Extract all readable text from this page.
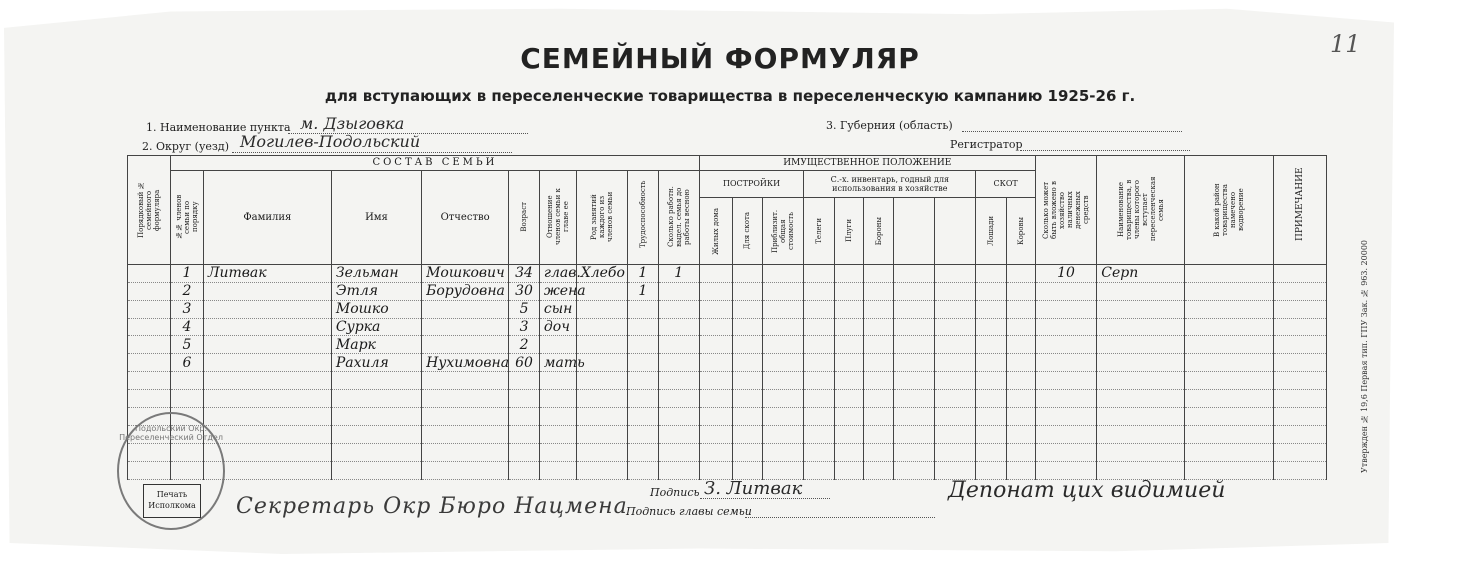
СЕМЕЙНЫЙ ФОРМУЛЯР
для вступающих в переселенческие товарищества в переселенческую кампанию 1925-26 г.
11
1. Наименование пункта м. Дзыговка	3. Губерния (область)
2. Округ (уезд) Могилев-Подольский	Регистратор
Порядковый № семейного формуляра	СОСТАВ СЕМЬИ									ИМУЩЕСТВЕННОЕ ПОЛОЖЕНИЕ										Сколько может быть вложено в хозяйство наличных денежных средств	Наименование товарищества, в члены которого вступает переселенческая семья	В какой район товарищества намечено водворение	ПРИМЕЧАНИЕ

	№№ членов семьи по порядку	Фамилия	Имя	Отчество	Возраст	Отношение членов семьи к главе ее	Род занятий каждого из членов семьи	Трудоспособность	Сколько работн. выдел. семья до работы весною	ПОСТРОЙКИ			С.-х. инвентарь, годный для использования в хозяйстве					СКОТ					

										Жилых дома	Для скота	Приблизит. общая стоимость	Телеги	Плуги	Бороны			Лошади	Коровы				

	1	Литвак	Зельман	Мошкович	34	глав.	Хлебо	1	1											10	Серп		
	2		Этля	Борудовна	30	жена		1															
	3		Мошко		5	сын																	
	4		Сурка		3	доч																	
	5		Марк		2																		
	6		Рахиля	Нухимовна	60	мать																	

																								Утвержден № 19,6 Первая тип. ГПУ Зак. № 963. 20000
Подольский Окр. Переселенческий Отдел
Печать Исполкома Секретарь Окр Бюро Нацмена
Подпись З. Литвак
Подпись главы семьи
Депонат цих видимией
